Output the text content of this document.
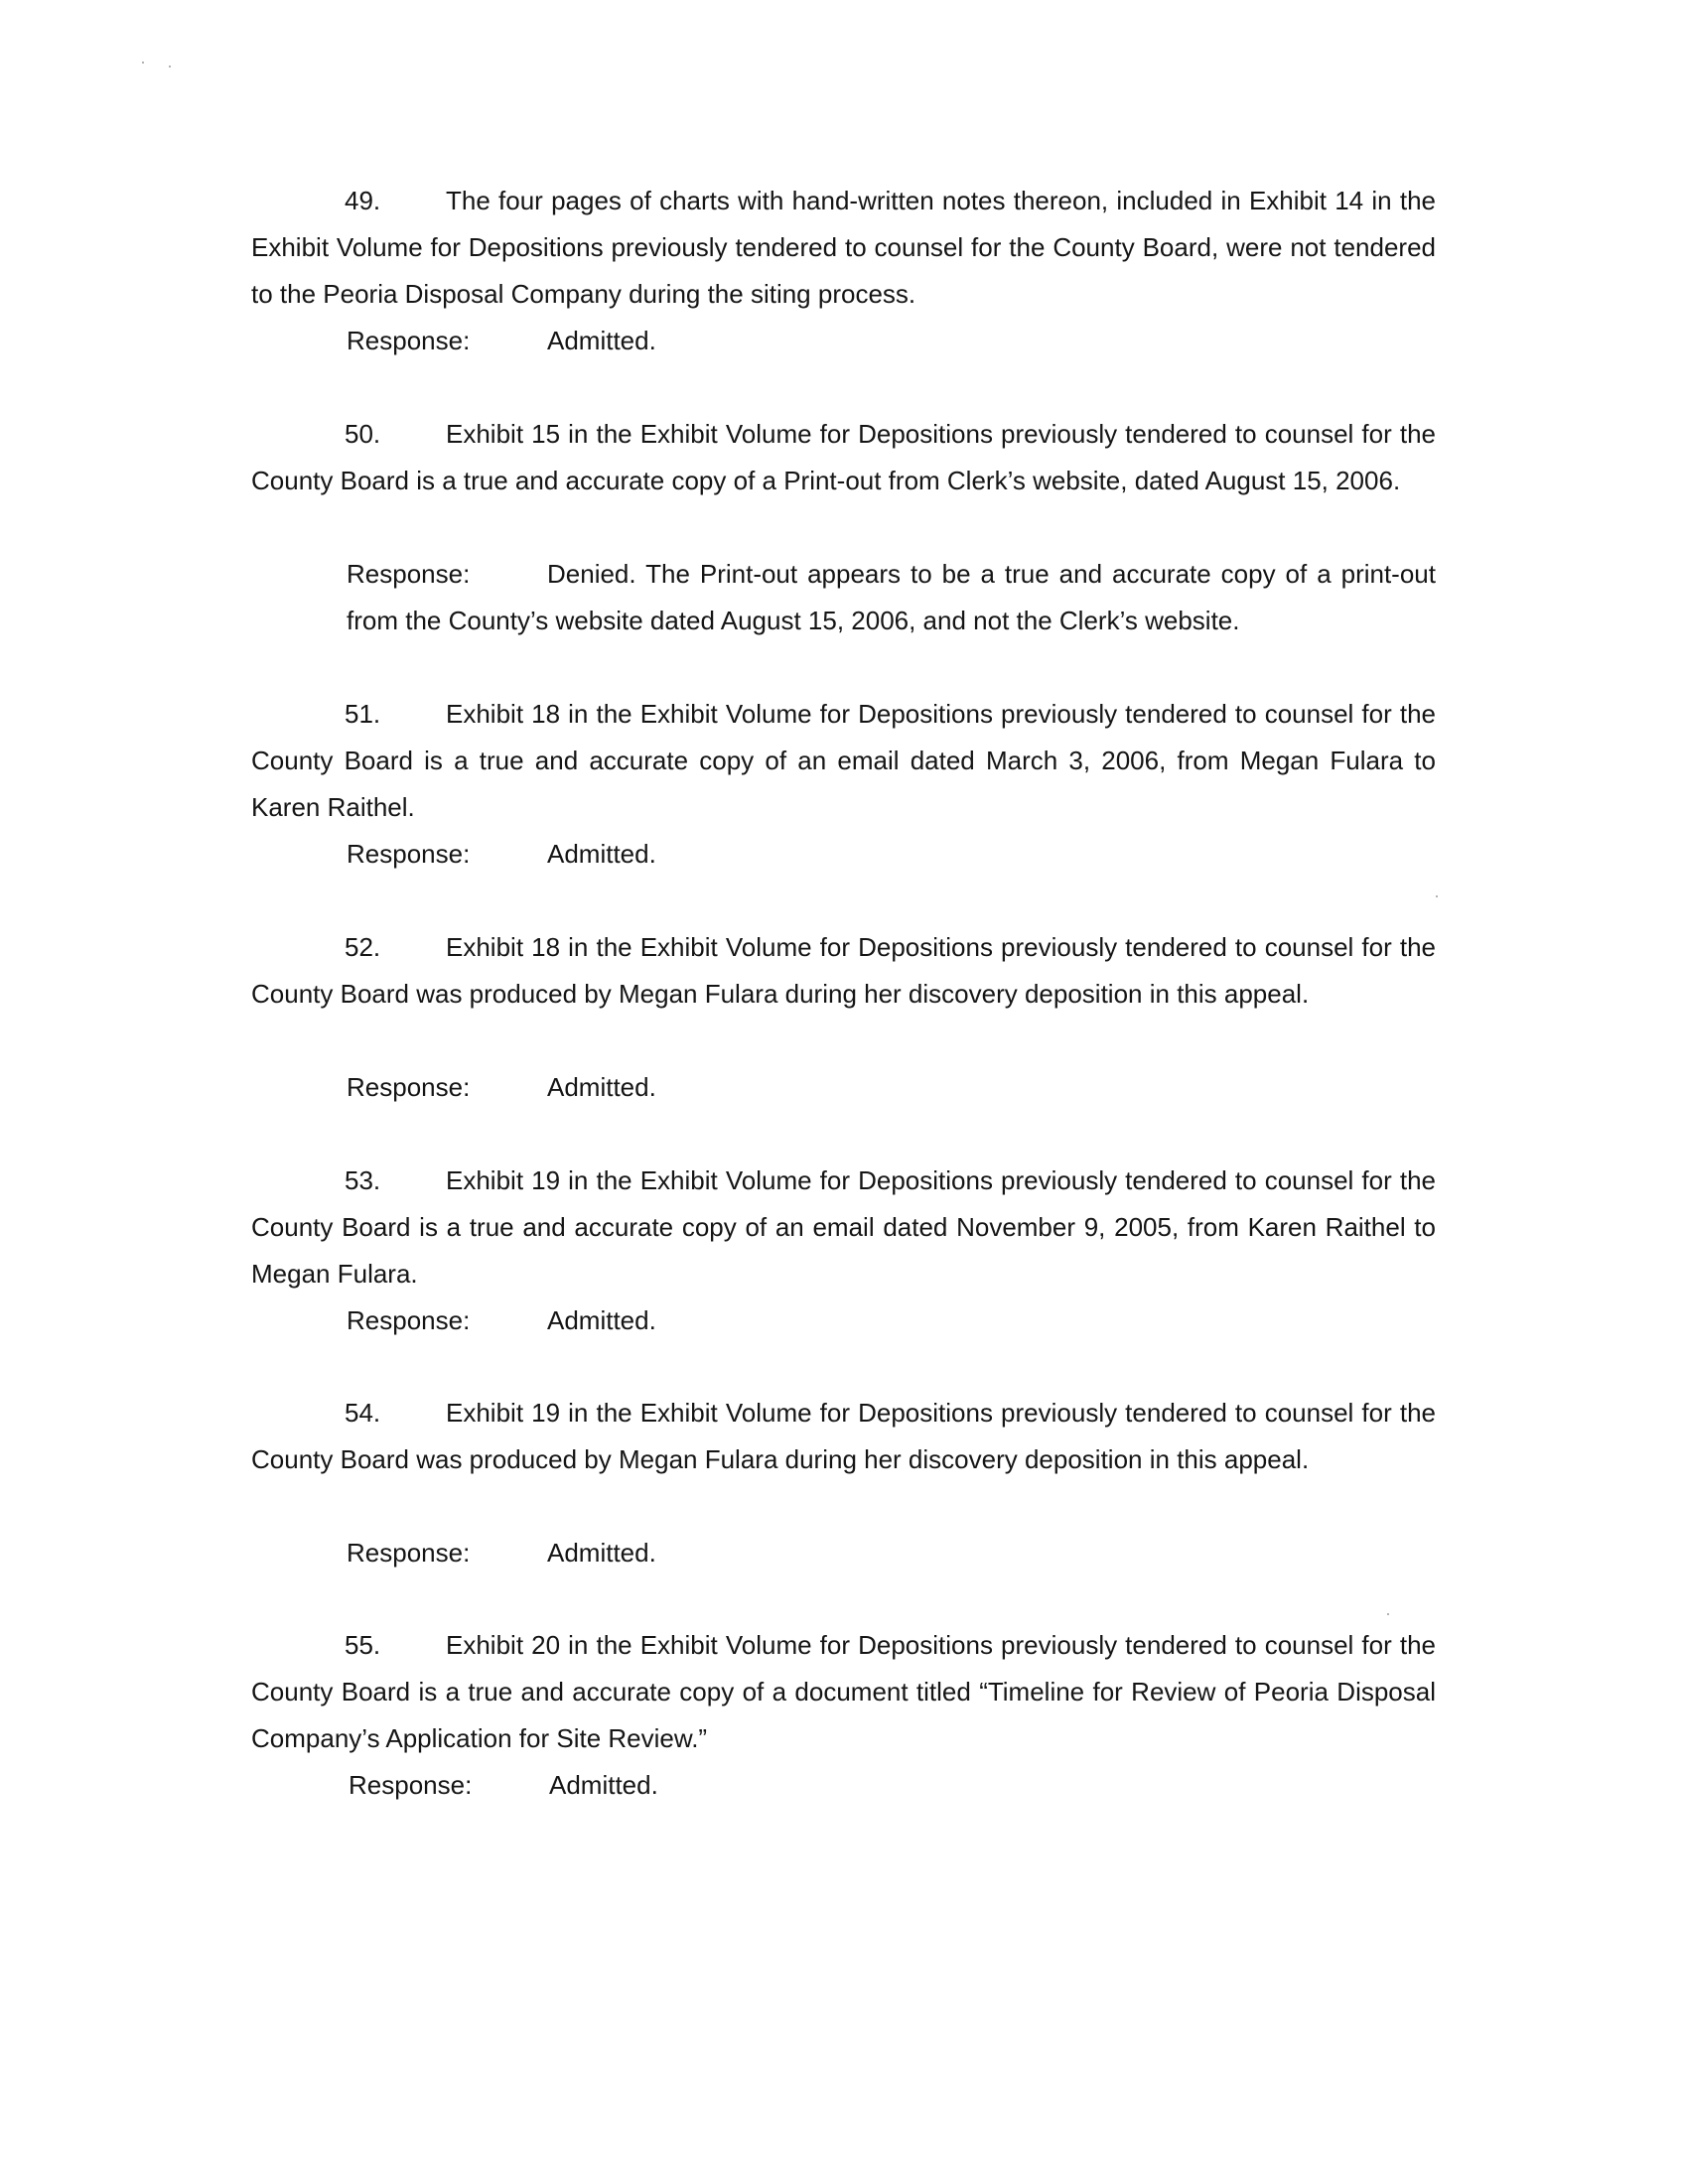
49.	The four pages of charts with hand-written notes thereon, included in Exhibit 14 in the Exhibit Volume for Depositions previously tendered to counsel for the County Board, were not tendered to the Peoria Disposal Company during the siting process.

Response:	Admitted.

50.	Exhibit 15 in the Exhibit Volume for Depositions previously tendered to counsel for the County Board is a true and accurate copy of a Print-out from Clerk’s website, dated August 15, 2006.

Response:	Denied. The Print-out appears to be a true and accurate copy of a print-out from the County’s website dated August 15, 2006, and not the Clerk’s website.

51.	Exhibit 18 in the Exhibit Volume for Depositions previously tendered to counsel for the County Board is a true and accurate copy of an email dated March 3, 2006, from Megan Fulara to Karen Raithel.

Response:	Admitted.

52.	Exhibit 18 in the Exhibit Volume for Depositions previously tendered to counsel for the County Board was produced by Megan Fulara during her discovery deposition in this appeal.

Response:	Admitted.

53.	Exhibit 19 in the Exhibit Volume for Depositions previously tendered to counsel for the County Board is a true and accurate copy of an email dated November 9, 2005, from Karen Raithel to Megan Fulara.

Response:	Admitted.

54.	Exhibit 19 in the Exhibit Volume for Depositions previously tendered to counsel for the County Board was produced by Megan Fulara during her discovery deposition in this appeal.

Response:	Admitted.

55.	Exhibit 20 in the Exhibit Volume for Depositions previously tendered to counsel for the County Board is a true and accurate copy of a document titled “Timeline for Review of Peoria Disposal Company’s Application for Site Review.”

Response:	Admitted.
